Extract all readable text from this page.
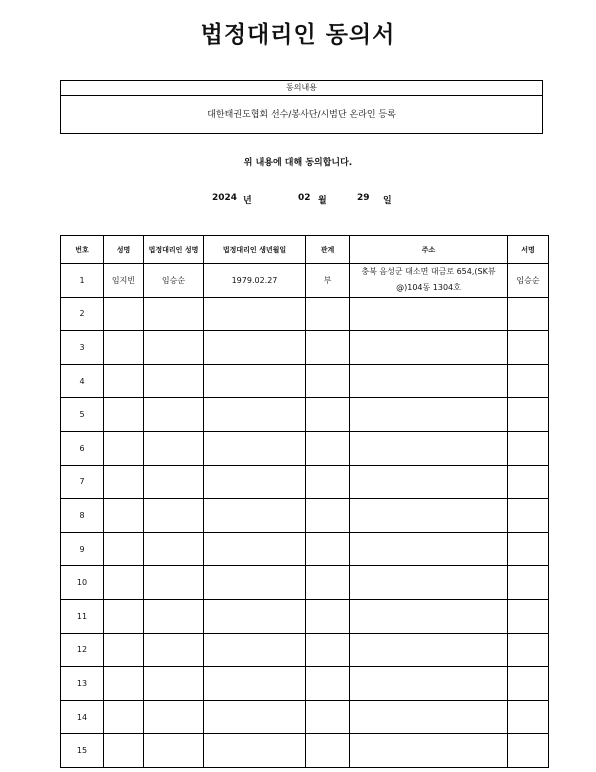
법정대리인 동의서
동의내용
대한태권도협회 선수/봉사단/시범단 온라인 등록
위 내용에 대해 동의합니다.
2024 년	02 월	29 일
번호	성명	법정대리인 성명	법정대리인 생년월일	관계	주소	서명
1	임지빈	임승순	1979.02.27	부	충북 음성군 대소면 대금로 654,(SK뷰@)104동 1304호	임승순
2						
3						
4						
5						
6						
7						
8						
9						
10						
11						
12						
13						
14						
15						
